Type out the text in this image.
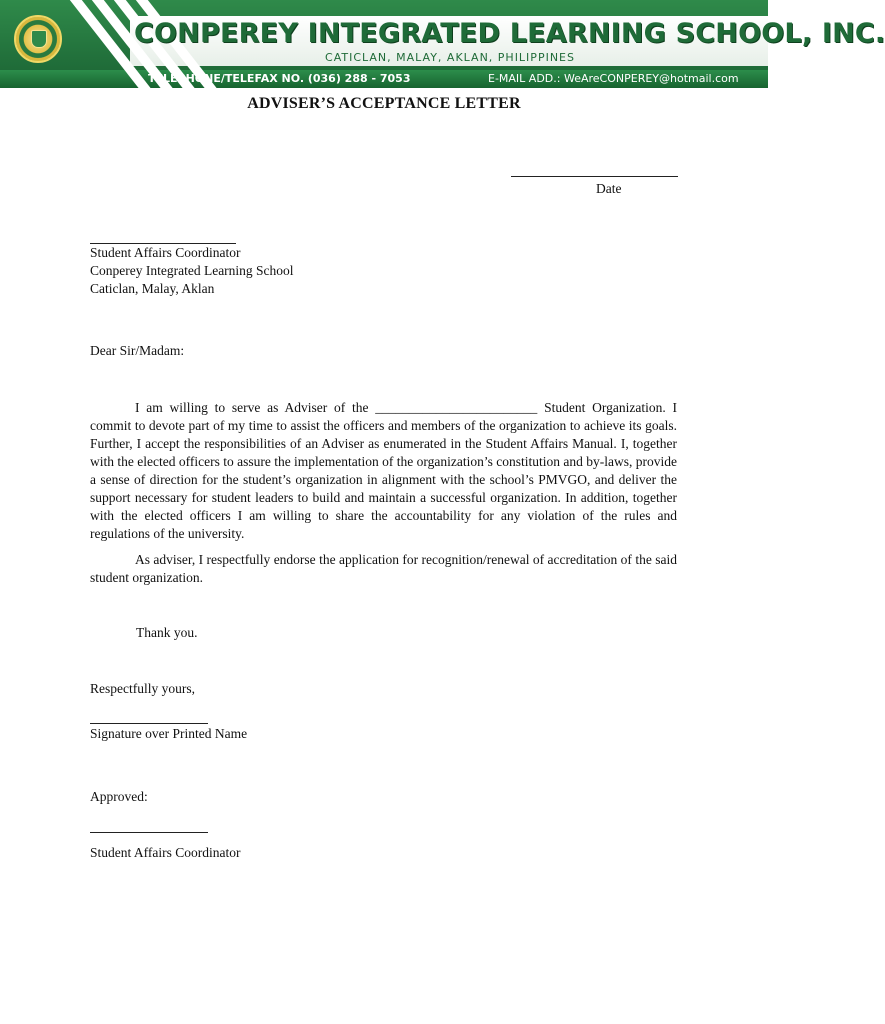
CONPEREY INTEGRATED LEARNING SCHOOL, INC.
CATICLAN, MALAY, AKLAN, PHILIPPINES
TELEPHONE/TELEFAX NO. (036) 288 - 7053	E-MAIL ADD.: WeAreCONPEREY@hotmail.com
ADVISER’S ACCEPTANCE LETTER
Date
Student Affairs Coordinator
Conperey Integrated Learning School
Caticlan, Malay, Aklan
Dear Sir/Madam:
I am willing to serve as Adviser of the ________________________ Student Organization. I commit to devote part of my time to assist the officers and members of the organization to achieve its goals. Further, I accept the responsibilities of an Adviser as enumerated in the Student Affairs Manual. I, together with the elected officers to assure the implementation of the organization’s constitution and by-laws, provide a sense of direction for the student’s organization in alignment with the school’s PMVGO, and deliver the support necessary for student leaders to build and maintain a successful organization. In addition, together with the elected officers I am willing to share the accountability for any violation of the rules and regulations of the university.
As adviser, I respectfully endorse the application for recognition/renewal of accreditation of the said student organization.
Thank you.
Respectfully yours,
Signature over Printed Name
Approved:
Student Affairs Coordinator
